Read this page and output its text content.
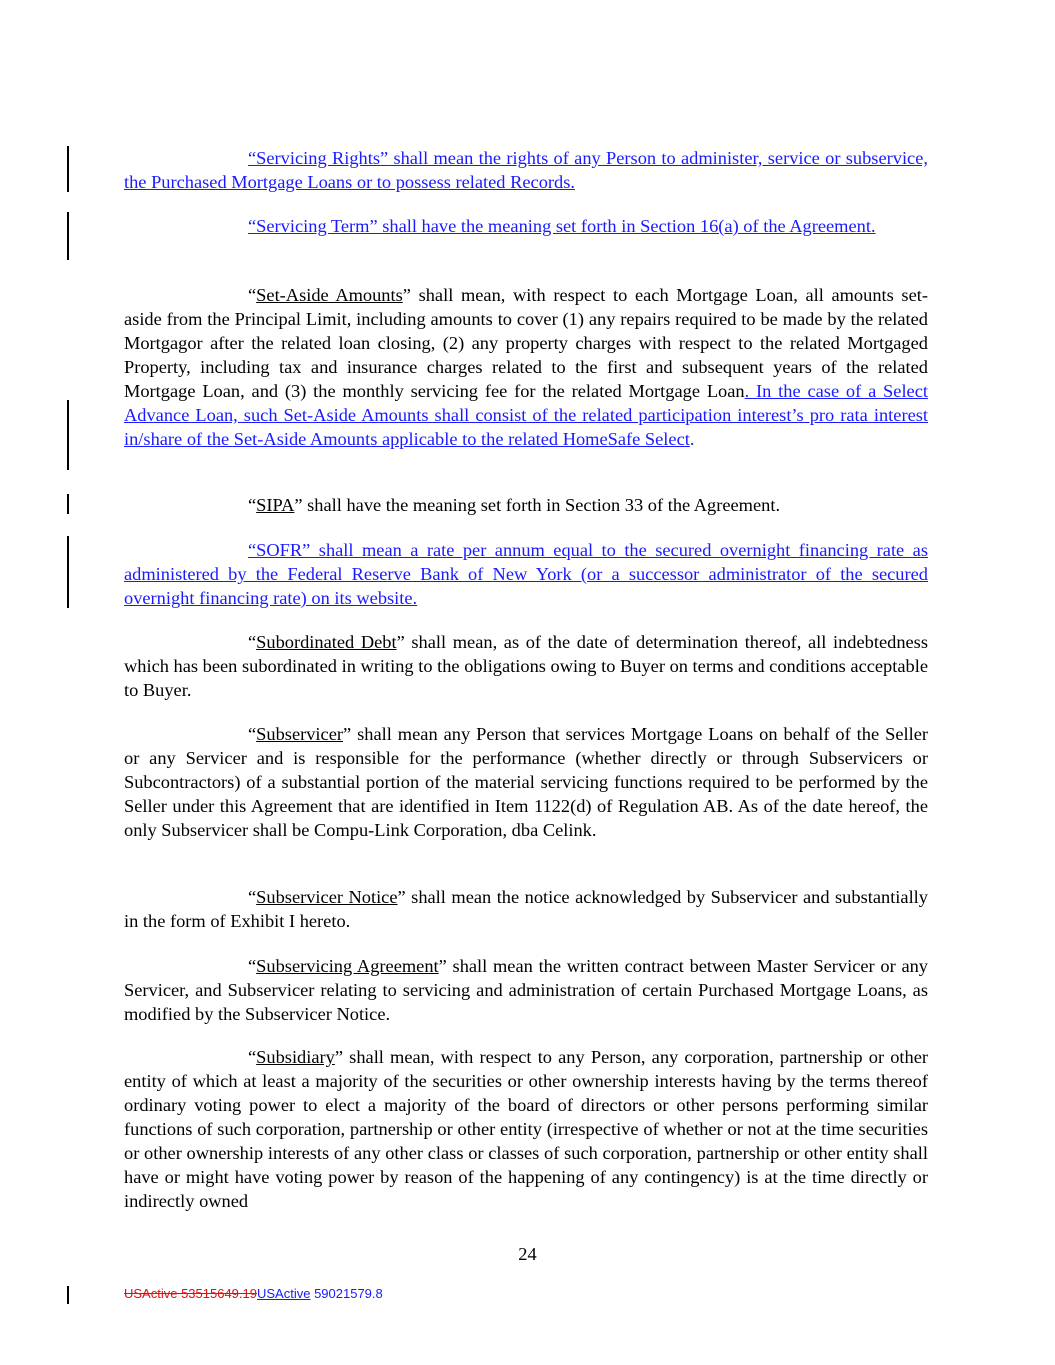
“Servicing Rights” shall mean the rights of any Person to administer, service or subservice, the Purchased Mortgage Loans or to possess related Records.

“Servicing Term” shall have the meaning set forth in Section 16(a) of the Agreement.

“Set-Aside Amounts” shall mean, with respect to each Mortgage Loan, all amounts set-aside from the Principal Limit, including amounts to cover (1) any repairs required to be made by the related Mortgagor after the related loan closing, (2) any property charges with respect to the related Mortgaged Property, including tax and insurance charges related to the first and subsequent years of the related Mortgage Loan, and (3) the monthly servicing fee for the related Mortgage Loan. In the case of a Select Advance Loan, such Set-Aside Amounts shall consist of the related participation interest’s pro rata interest in/share of the Set-Aside Amounts applicable to the related HomeSafe Select.

“SIPA” shall have the meaning set forth in Section 33 of the Agreement.

“SOFR” shall mean a rate per annum equal to the secured overnight financing rate as administered by the Federal Reserve Bank of New York (or a successor administrator of the secured overnight financing rate) on its website.

“Subordinated Debt” shall mean, as of the date of determination thereof, all indebtedness which has been subordinated in writing to the obligations owing to Buyer on terms and conditions acceptable to Buyer.

“Subservicer” shall mean any Person that services Mortgage Loans on behalf of the Seller or any Servicer and is responsible for the performance (whether directly or through Subservicers or Subcontractors) of a substantial portion of the material servicing functions required to be performed by the Seller under this Agreement that are identified in Item 1122(d) of Regulation AB. As of the date hereof, the only Subservicer shall be Compu-Link Corporation, dba Celink.

“Subservicer Notice” shall mean the notice acknowledged by Subservicer and substantially in the form of Exhibit I hereto.

“Subservicing Agreement” shall mean the written contract between Master Servicer or any Servicer, and Subservicer relating to servicing and administration of certain Purchased Mortgage Loans, as modified by the Subservicer Notice.

“Subsidiary” shall mean, with respect to any Person, any corporation, partnership or other entity of which at least a majority of the securities or other ownership interests having by the terms thereof ordinary voting power to elect a majority of the board of directors or other persons performing similar functions of such corporation, partnership or other entity (irrespective of whether or not at the time securities or other ownership interests of any other class or classes of such corporation, partnership or other entity shall have or might have voting power by reason of the happening of any contingency) is at the time directly or indirectly owned

24
USActive 53515649.19USActive 59021579.8
